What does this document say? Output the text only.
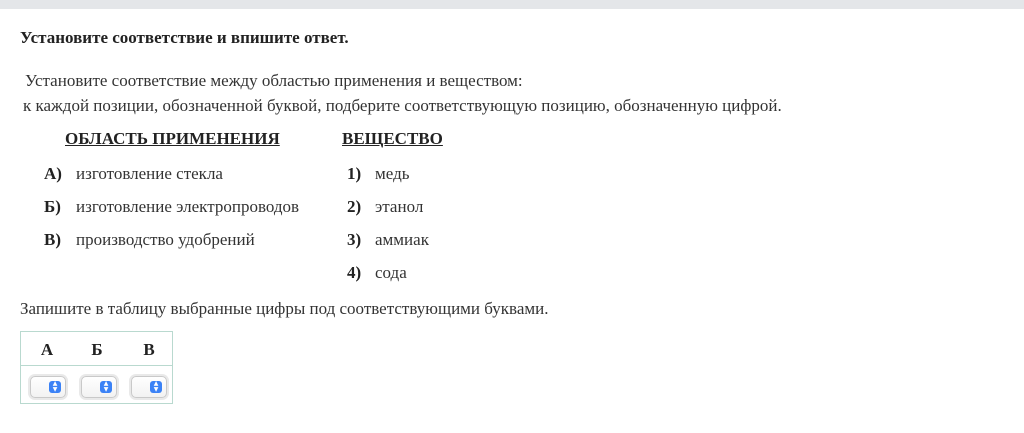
Установите соответствие и впишите ответ.
Установите соответствие между областью применения и веществом:
к каждой позиции, обозначенной буквой, подберите соответствующую позицию, обозначенную цифрой.
ОБЛАСТЬ ПРИМЕНЕНИЯ	ВЕЩЕСТВО
А) изготовление стекла
Б) изготовление электропроводов
В) производство удобрений
1) медь
2) этанол
3) аммиак
4) сода
Запишите в таблицу выбранные цифры под соответствующими буквами.
А Б В
▲
▼
▲
▼
▲
▼
